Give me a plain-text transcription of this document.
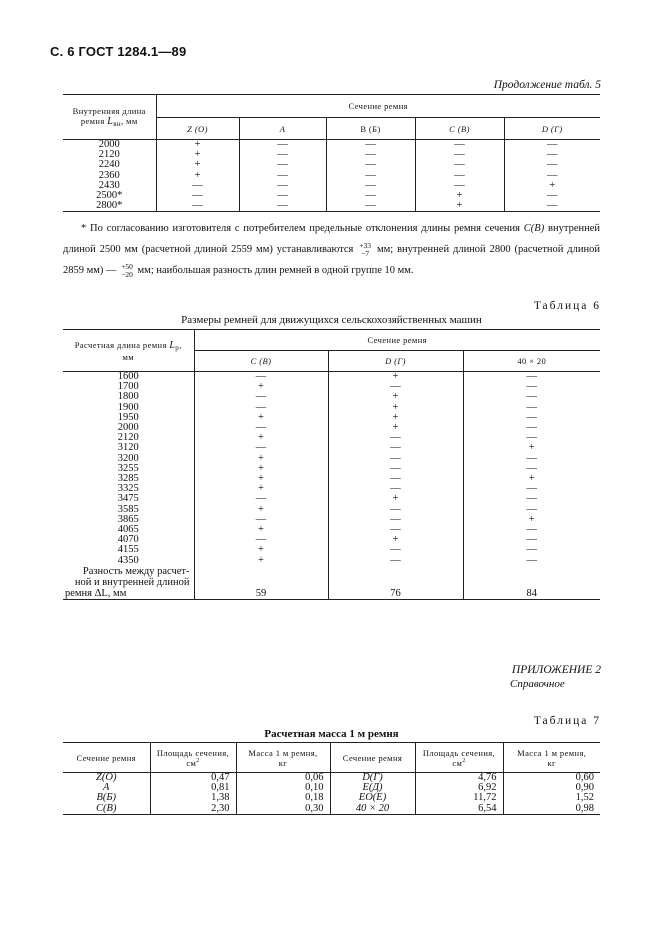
С. 6 ГОСТ 1284.1—89
Продолжение табл. 5
Внутренняя длина
ремня $L_{вн}$, мм	Сечение ремня				
	Z (O)	A	B (Б)	C (В)	D (Г)
2000	+	—	—	—	—
2120	+	—	—	—	—
2240	+	—	—	—	—
2360	+	—	—	—	—
2430	—	—	—	—	+
2500*	—	—	—	+	—
2800*	—	—	—	+	—
* По согласованию изготовителя с потребителем предельные отклонения длины ремня сечения C(B) внутренней длиной 2500 мм (расчетной длиной 2559 мм) устанавливаются +33
−7 мм; внутренней длиной 2800 (расчетной длиной 2859 мм) — +50
−20 мм; наибольшая разность длин ремней в одной группе 10 мм.
Таблица 6
Размеры ремней для движущихся сельскохозяйственных машин
Расчетная длина ремня $L_р$,
мм	Сечение ремня		
	C (B)	D (Г)	40 × 20
1600	—	+	—
1700	+	—	—
1800	—	+	—
1900	—	+	—
1950	+	+	—
2000	—	+	—
2120	+	—	—
3120	—	—	+
3200	+	—	—
3255	+	—	—
3285	+	—	+
3325	+	—	—
3475	—	+	—
3585	+	—	—
3865	—	—	+
4065	+	—	—
4070	—	+	—
4155	+	—	—
4350	+	—	—
Разность между расчет-			
ной и внутренней длиной			
ремня ΔL, мм	59	76	84
ПРИЛОЖЕНИЕ 2
Справочное
Таблица 7
Расчетная масса 1 м ремня
Сечение ремня	Площадь сечения,
$см^2$	Масса 1 м ремня,
кг	Сечение ремня	Площадь сечения,
$см^2$	Масса 1 м ремня,
кг
Z(O)	0,47	0,06	D(Г)	4,76	0,60
A	0,81	0,10	E(Д)	6,92	0,90
B(Б)	1,38	0,18	EO(Е)	11,72	1,52
C(B)	2,30	0,30	40 × 20	6,54	0,98
